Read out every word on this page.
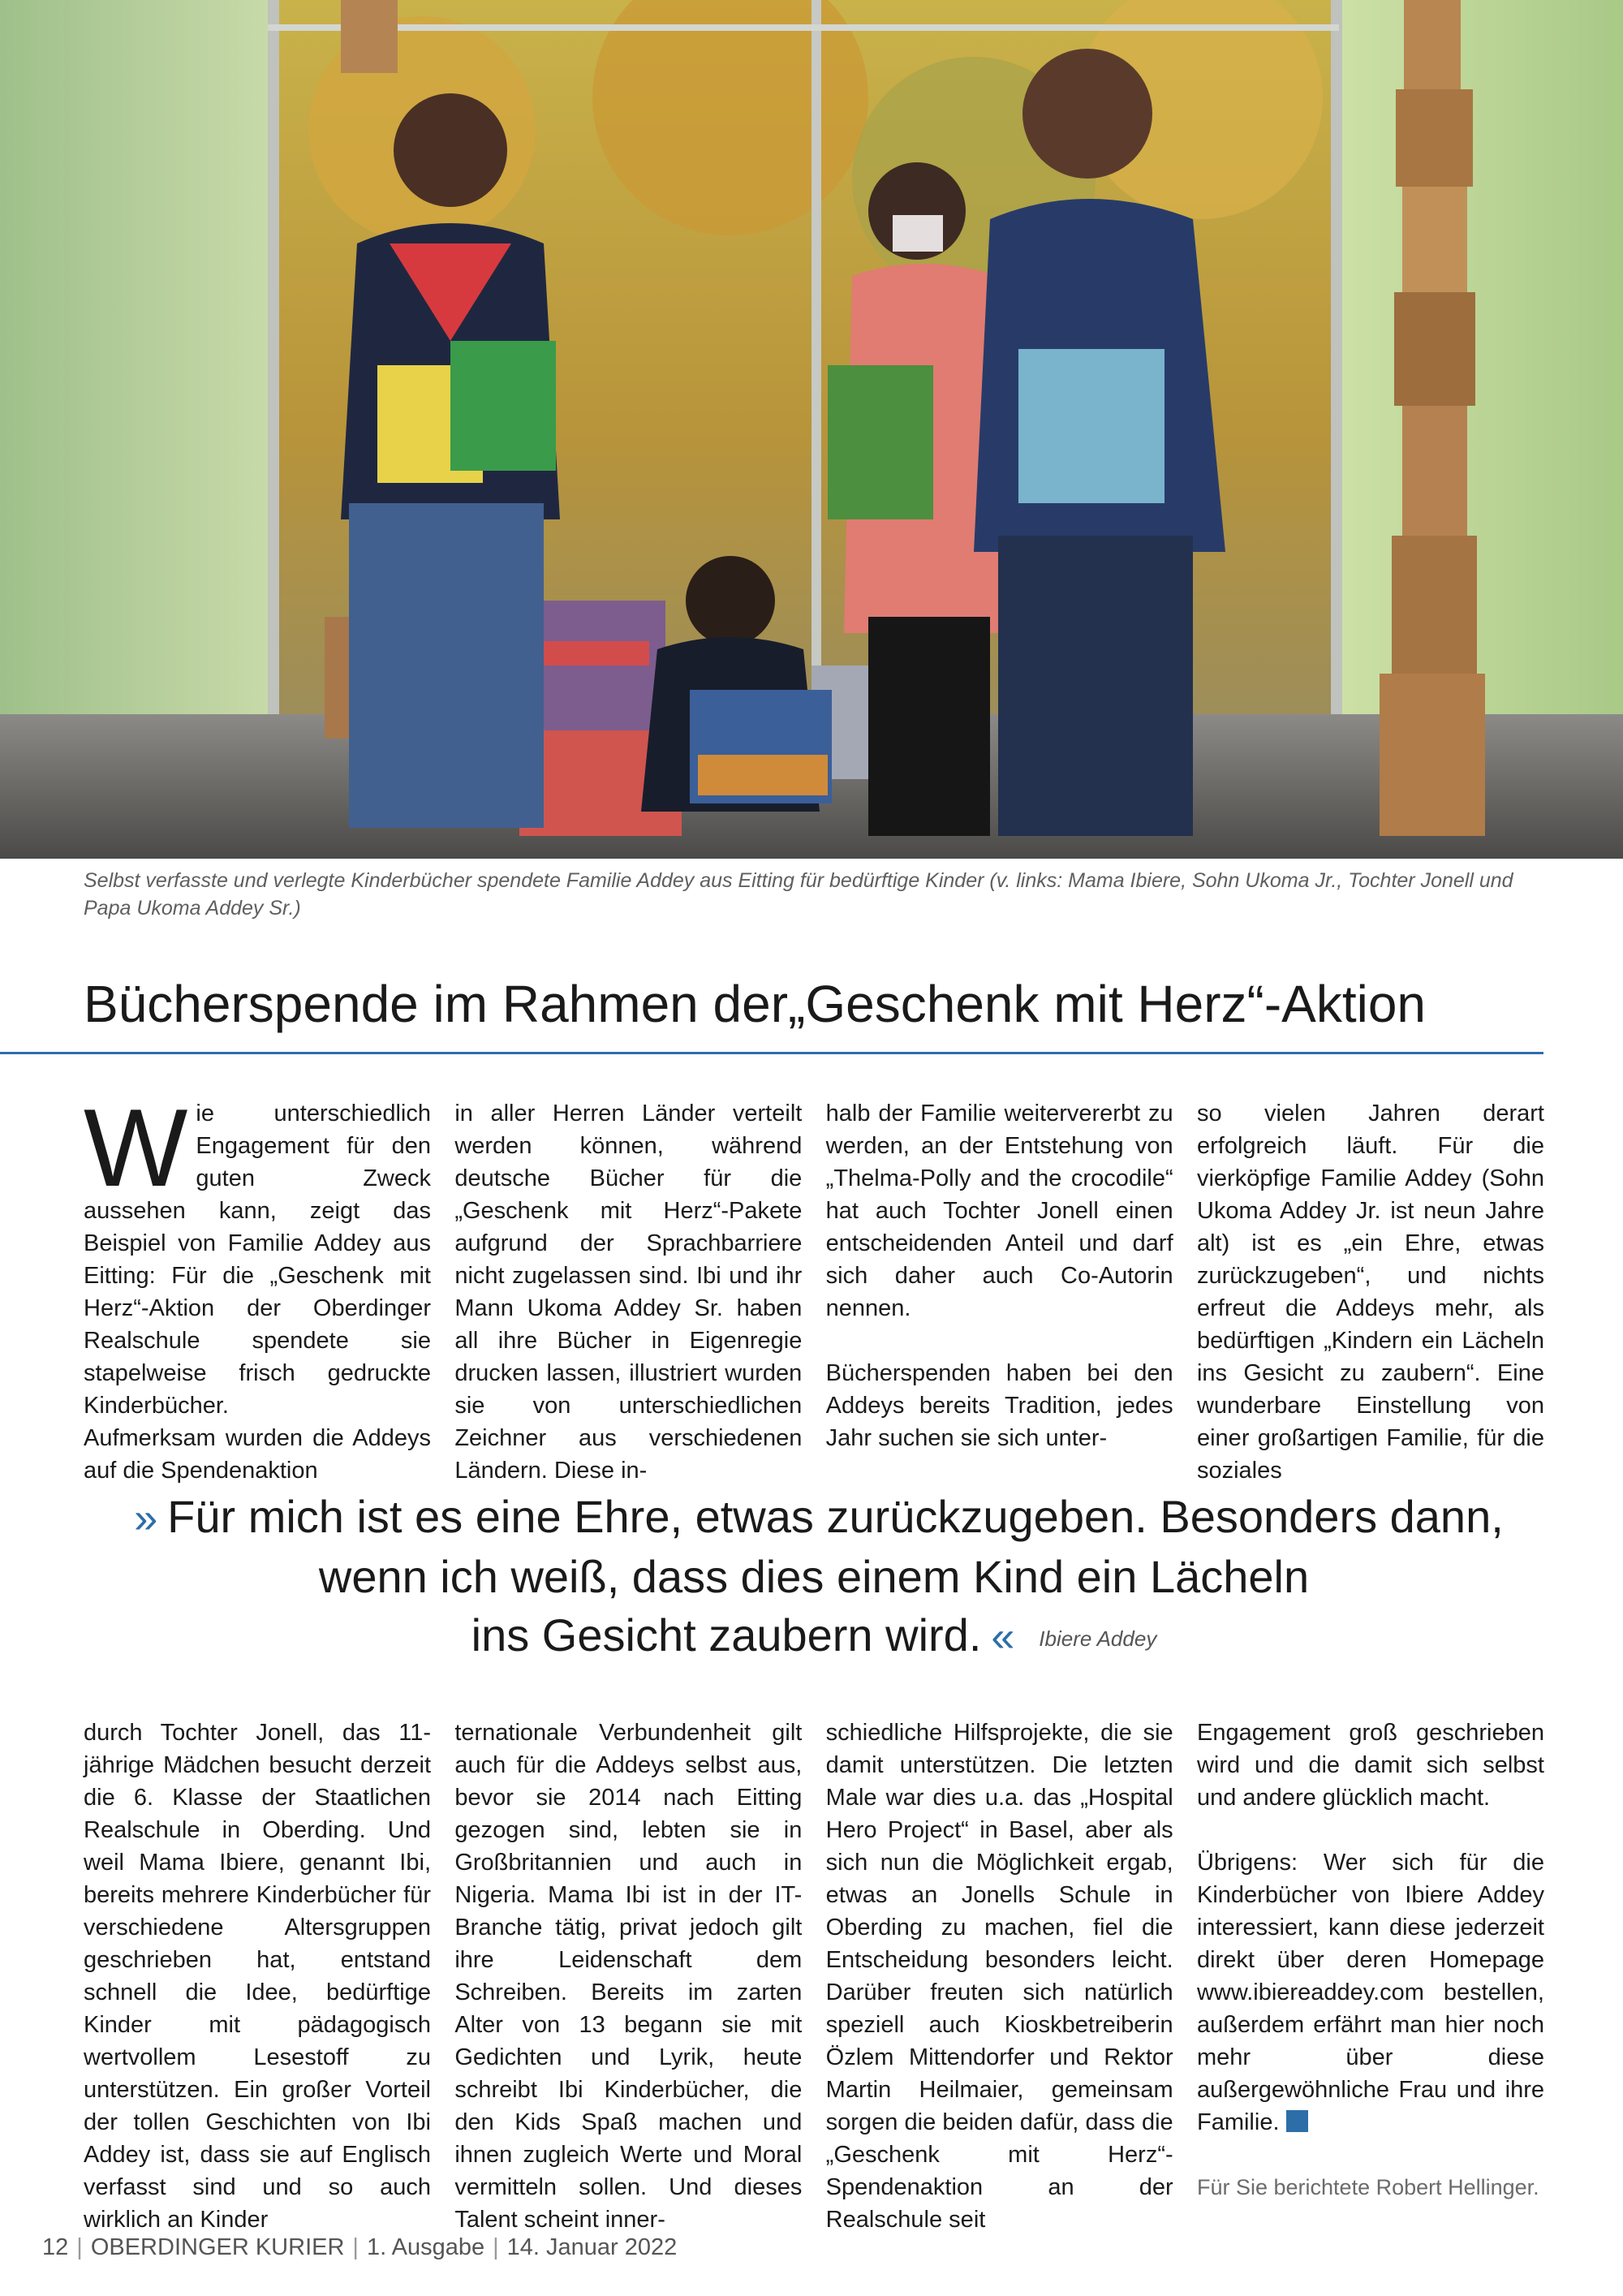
Selbst verfasste und verlegte Kinderbücher spendete Familie Addey aus Eitting für bedürftige Kinder (v. links: Mama Ibiere, Sohn Ukoma Jr., Tochter Jonell und Papa Ukoma Addey Sr.)
Bücherspende im Rahmen der„Geschenk mit Herz“-Aktion

Wie unterschiedlich Engagement für den guten Zweck aussehen kann, zeigt das Beispiel von Familie Addey aus Eitting: Für die „Geschenk mit Herz“-Aktion der Oberdinger Realschule spendete sie stapelweise frisch gedruckte Kinderbücher.

Aufmerksam wurden die Addeys auf die Spendenaktion

in aller Herren Länder verteilt werden können, während deutsche Bücher für die „Geschenk mit Herz“-Pakete aufgrund der Sprachbarriere nicht zugelassen sind. Ibi und ihr Mann Ukoma Addey Sr. haben all ihre Bücher in Eigenregie drucken lassen, illustriert wurden sie von unterschiedlichen Zeichner aus verschiedenen Ländern. Diese in-

halb der Familie weitervererbt zu werden, an der Entstehung von „Thelma-Polly and the crocodile“ hat auch Tochter Jonell einen entscheidenden Anteil und darf sich daher auch Co-Autorin nennen.

Bücherspenden haben bei den Addeys bereits Tradition, jedes Jahr suchen sie sich unter-

so vielen Jahren derart erfolgreich läuft. Für die vierköpfige Familie Addey (Sohn Ukoma Addey Jr. ist neun Jahre alt) ist es „ein Ehre, etwas zurückzugeben“, und nichts erfreut die Addeys mehr, als bedürftigen „Kindern ein Lächeln ins Gesicht zu zaubern“. Eine wunderbare Einstellung von einer großartigen Familie, für die soziales

» Für mich ist es eine Ehre, etwas zurückzugeben. Besonders dann,
wenn ich weiß, dass dies einem Kind ein Lächeln
ins Gesicht zaubern wird. « Ibiere Addey

durch Tochter Jonell, das 11-jährige Mädchen besucht derzeit die 6. Klasse der Staatlichen Realschule in Oberding. Und weil Mama Ibiere, genannt Ibi, bereits mehrere Kinderbücher für verschiedene Altersgruppen geschrieben hat, entstand schnell die Idee, bedürftige Kinder mit pädagogisch wertvollem Lesestoff zu unterstützen. Ein großer Vorteil der tollen Geschichten von Ibi Addey ist, dass sie auf Englisch verfasst sind und so auch wirklich an Kinder

ternationale Verbundenheit gilt auch für die Addeys selbst aus, bevor sie 2014 nach Eitting gezogen sind, lebten sie in Großbritannien und auch in Nigeria. Mama Ibi ist in der IT-Branche tätig, privat jedoch gilt ihre Leidenschaft dem Schreiben. Bereits im zarten Alter von 13 begann sie mit Gedichten und Lyrik, heute schreibt Ibi Kinderbücher, die den Kids Spaß machen und ihnen zugleich Werte und Moral vermitteln sollen. Und dieses Talent scheint inner-

schiedliche Hilfsprojekte, die sie damit unterstützen. Die letzten Male war dies u.a. das „Hospital Hero Project“ in Basel, aber als sich nun die Möglichkeit ergab, etwas an Jonells Schule in Oberding zu machen, fiel die Entscheidung besonders leicht. Darüber freuten sich natürlich speziell auch Kioskbetreiberin Özlem Mittendorfer und Rektor Martin Heilmaier, gemeinsam sorgen die beiden dafür, dass die „Geschenk mit Herz“-Spendenaktion an der Realschule seit

Engagement groß geschrieben wird und die damit sich selbst und andere glücklich macht.

Übrigens: Wer sich für die Kinderbücher von Ibiere Addey interessiert, kann diese jederzeit direkt über deren Homepage www.ibiereaddey.com bestellen, außerdem erfährt man hier noch mehr über diese außergewöhnliche Frau und ihre Familie.

Für Sie berichtete Robert Hellinger.

12 | OBERDINGER KURIER | 1. Ausgabe | 14. Januar 2022
